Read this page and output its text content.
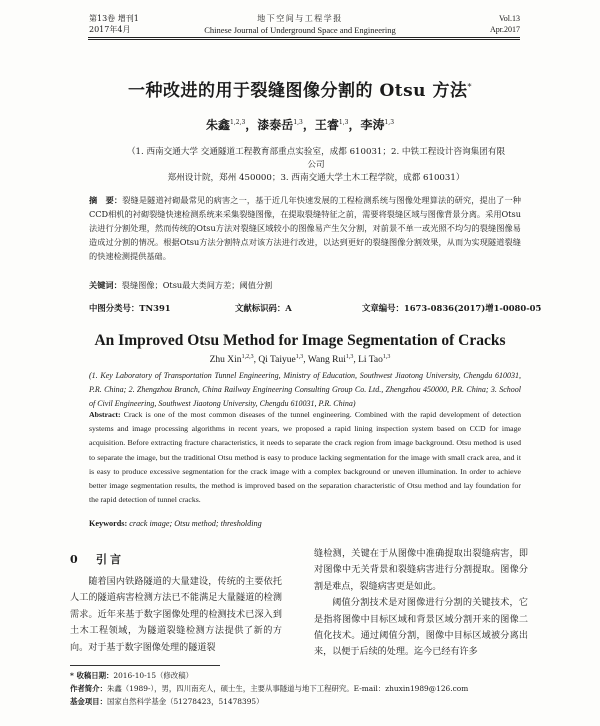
第13卷 增刊1
2017年4月
地下空间与工程学报
Chinese Journal of Underground Space and Engineering
Vol.13
Apr.2017
一种改进的用于裂缝图像分割的 Otsu 方法*
朱鑫$^{1,2,3}$，漆泰岳$^{1,3}$，王睿$^{1,3}$，李涛$^{1,3}$
（1. 西南交通大学 交通隧道工程教育部重点实验室，成都 610031；2. 中铁工程设计咨询集团有限公司
郑州设计院，郑州 450000；3. 西南交通大学土木工程学院，成都 610031）
摘　要：裂缝是隧道衬砌最常见的病害之一，基于近几年快速发展的工程检测系统与图像处理算法的研究，提出了一种CCD相机的衬砌裂缝快速检测系统来采集裂缝图像，在提取裂缝特征之前，需要将裂缝区域与图像背景分离。采用Otsu法进行分割处理，然而传统的Otsu方法对裂缝区域较小的图像易产生欠分割，对前景不单一或光照不均匀的裂缝图像易造成过分割的情况。根据Otsu方法分割特点对该方法进行改进，以达到更好的裂缝图像分割效果，从而为实现隧道裂缝的快速检测提供基础。
关键词：裂缝图像；Otsu最大类间方差；阈值分割
中图分类号：TN391	文献标识码：A	文章编号：1673-0836(2017)增1-0080-05
An Improved Otsu Method for Image Segmentation of Cracks
Zhu Xin$^{1,2,3}$, Qi Taiyue$^{1,3}$, Wang Rui$^{1,3}$, Li Tao$^{1,3}$
(1. Key Laboratory of Transportation Tunnel Engineering, Ministry of Education, Southwest Jiaotong University, Chengdu 610031, P.R. China; 2. Zhengzhou Branch, China Railway Engineering Consulting Group Co. Ltd., Zhengzhou 450000, P.R. China; 3. School of Civil Engineering, Southwest Jiaotong University, Chengdu 610031, P.R. China)
Abstract: Crack is one of the most common diseases of the tunnel engineering. Combined with the rapid development of detection systems and image processing algorithms in recent years, we proposed a rapid lining inspection system based on CCD for image acquisition. Before extracting fracture characteristics, it needs to separate the crack region from image background. Otsu method is used to separate the image, but the traditional Otsu method is easy to produce lacking segmentation for the image with small crack area, and it is easy to produce excessive segmentation for the crack image with a complex background or uneven illumination. In order to achieve better image segmentation results, the method is improved based on the separation characteristic of Otsu method and lay foundation for the rapid detection of tunnel cracks.
Keywords: crack image; Otsu method; thresholding
0 引言

随着国内铁路隧道的大量建设，传统的主要依托人工的隧道病害检测方法已不能满足大量隧道的检测需求。近年来基于数字图像处理的检测技术已深入到土木工程领域，为隧道裂缝检测方法提供了新的方向。对于基于数字图像处理的隧道裂

缝检测，关键在于从图像中准确提取出裂缝病害，即对图像中无关背景和裂缝病害进行分割提取。图像分割是难点，裂缝病害更是如此。

阈值分割技术是对图像进行分割的关键技术，它是指将图像中目标区域和背景区域分割开来的图像二值化技术。通过阈值分割，图像中目标区域被分离出来，以便于后续的处理。迄今已经有许多

* 收稿日期：2016-10-15（修改稿）
作者简介：朱鑫（1989-），男，四川南充人，硕士生，主要从事隧道与地下工程研究。E-mail：zhuxin1989@126.com
基金项目：国家自然科学基金（51278423，51478395）
